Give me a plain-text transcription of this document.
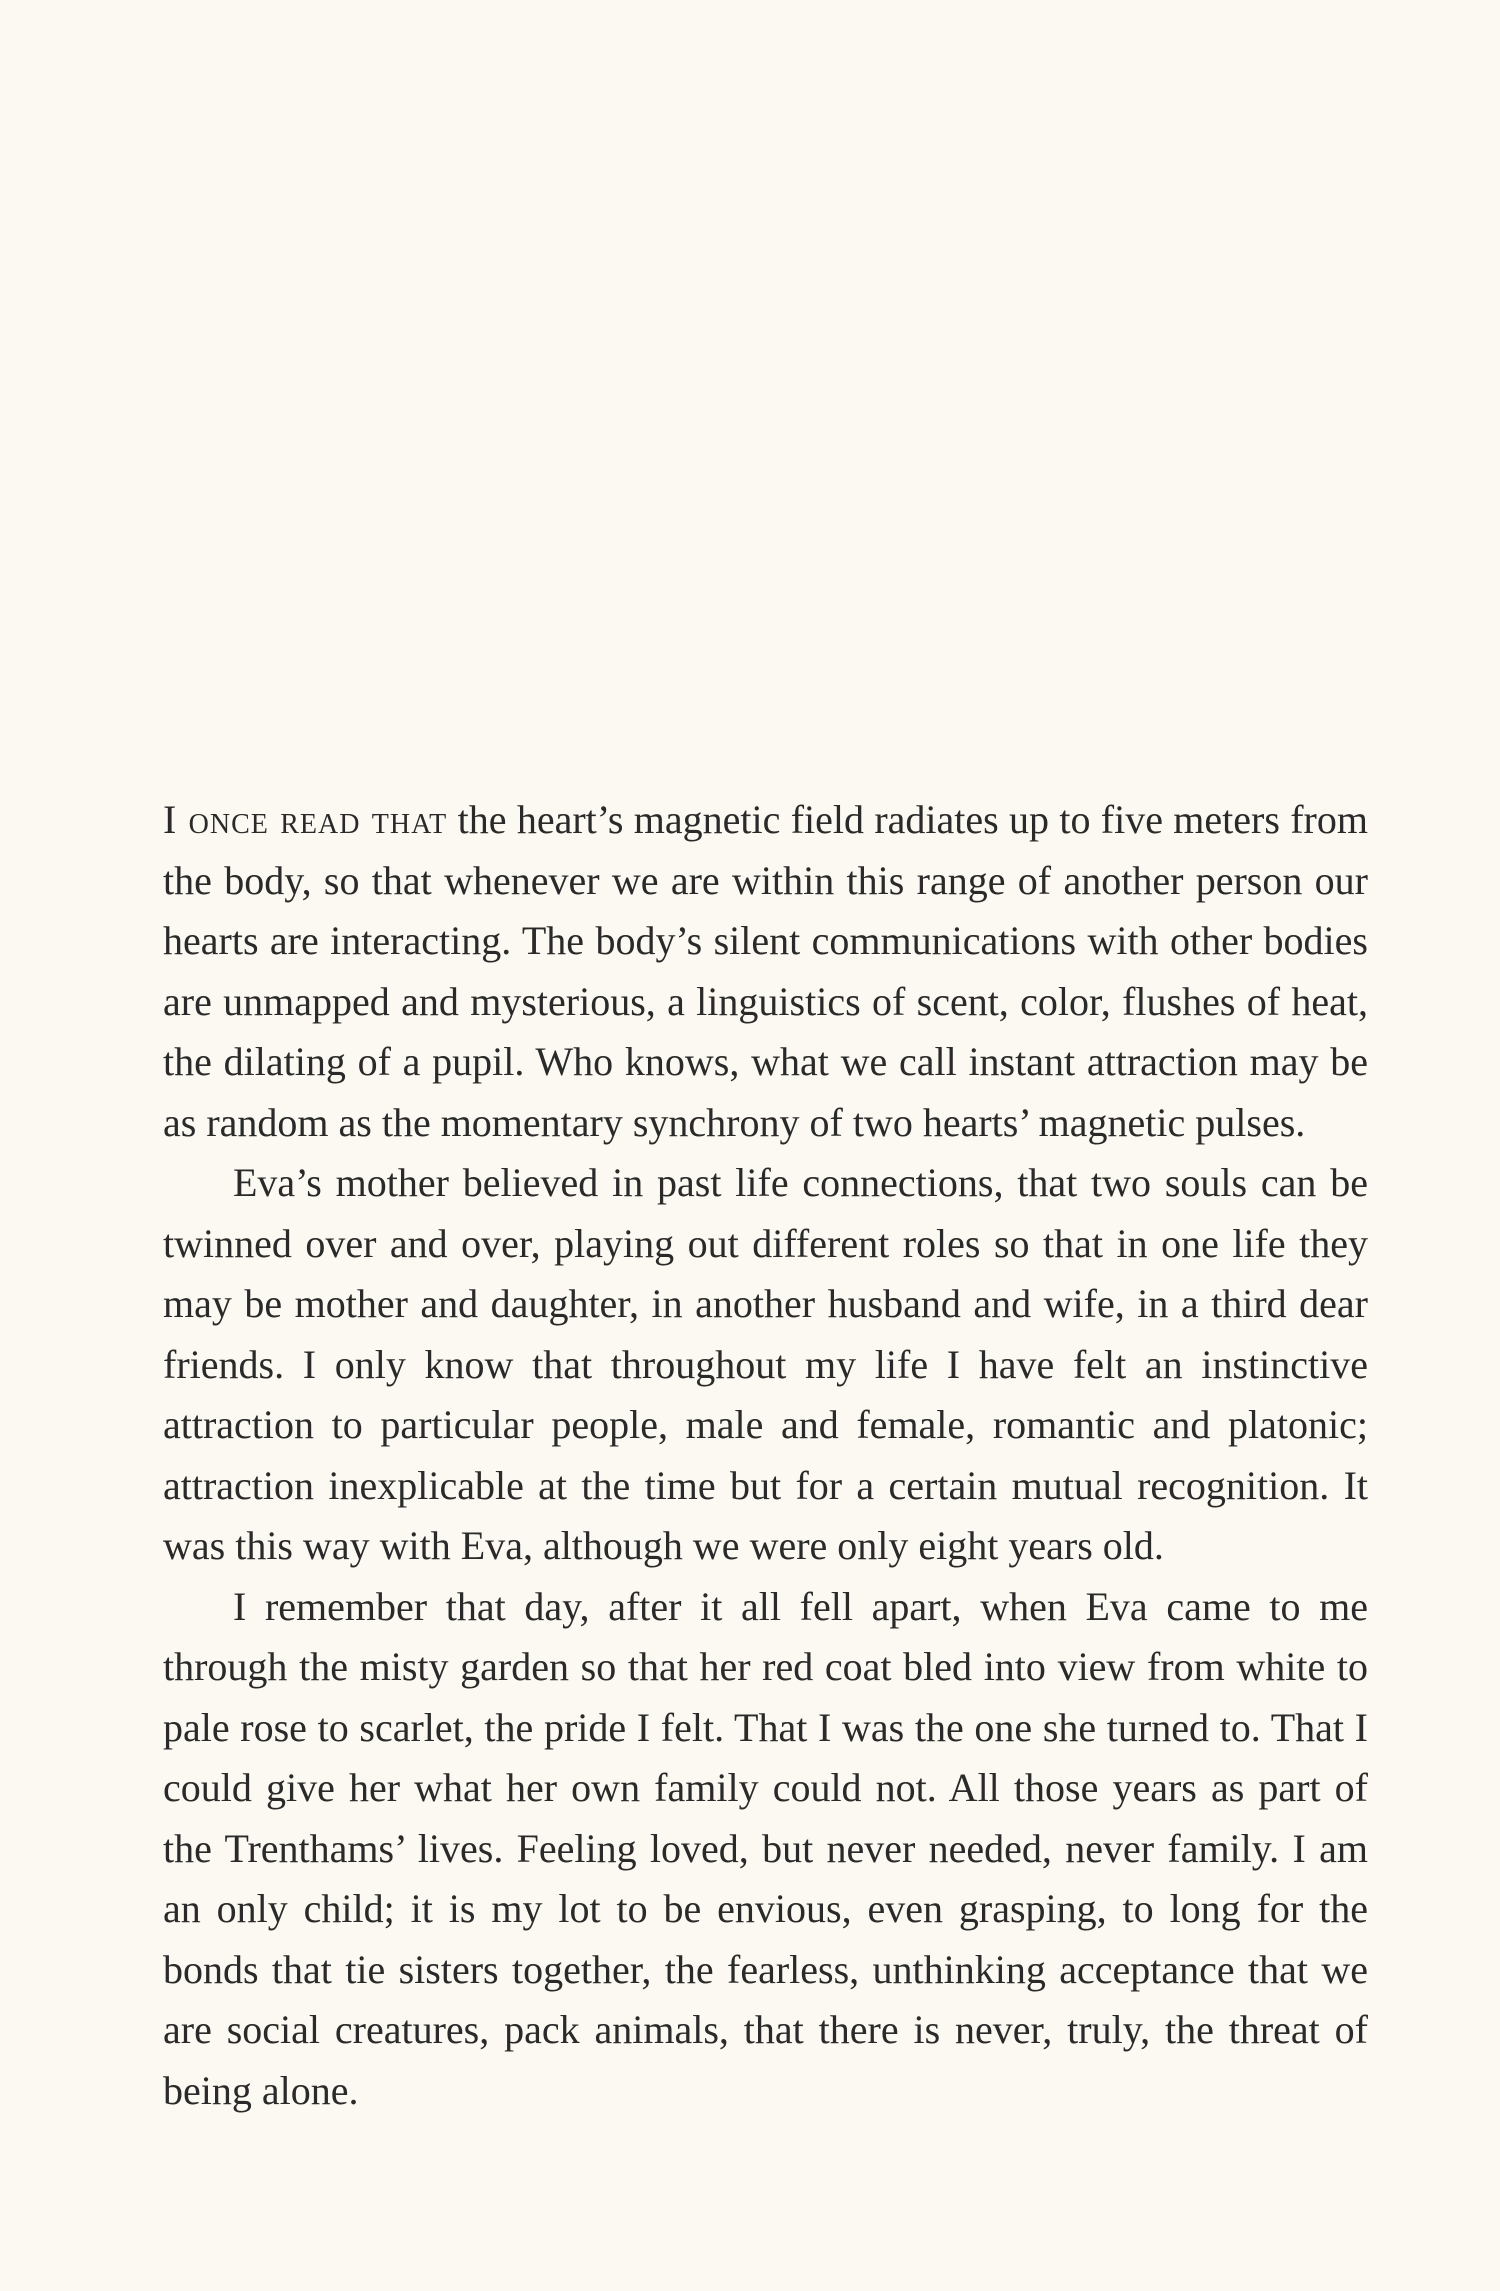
I once read that the heart’s magnetic field radiates up to five meters from the body, so that whenever we are within this range of another person our hearts are interacting. The body’s silent communications with other bodies are unmapped and mysterious, a linguistics of scent, color, flushes of heat, the dilating of a pupil. Who knows, what we call instant attraction may be as random as the momentary synchrony of two hearts’ magnetic pulses.

Eva’s mother believed in past life connections, that two souls can be twinned over and over, playing out different roles so that in one life they may be mother and daughter, in another husband and wife, in a third dear friends. I only know that throughout my life I have felt an instinctive attraction to particular people, male and female, romantic and platonic; attraction inexplicable at the time but for a certain mutual recognition. It was this way with Eva, although we were only eight years old.

I remember that day, after it all fell apart, when Eva came to me through the misty garden so that her red coat bled into view from white to pale rose to scarlet, the pride I felt. That I was the one she turned to. That I could give her what her own family could not. All those years as part of the Trenthams’ lives. Feeling loved, but never needed, never family. I am an only child; it is my lot to be envious, even grasping, to long for the bonds that tie sisters together, the fearless, unthinking acceptance that we are social creatures, pack animals, that there is never, truly, the threat of being alone.
